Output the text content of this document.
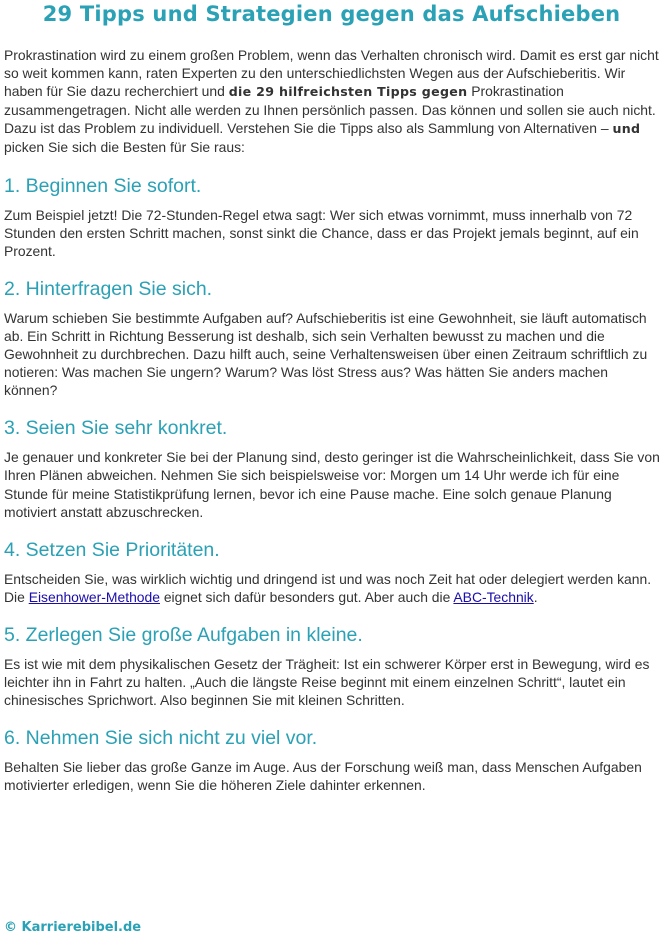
29 Tipps und Strategien gegen das Aufschieben

Prokrastination wird zu einem großen Problem, wenn das Verhalten chronisch wird. Damit es erst gar nicht so weit kommen kann, raten Experten zu den unterschiedlichsten Wegen aus der Aufschieberitis. Wir haben für Sie dazu recherchiert und die 29 hilfreichsten Tipps gegen Prokrastination zusammengetragen. Nicht alle werden zu Ihnen persönlich passen. Das können und sollen sie auch nicht. Dazu ist das Problem zu individuell. Verstehen Sie die Tipps also als Sammlung von Alternativen – und picken Sie sich die Besten für Sie raus:

1. Beginnen Sie sofort.

Zum Beispiel jetzt! Die 72-Stunden-Regel etwa sagt: Wer sich etwas vornimmt, muss innerhalb von 72 Stunden den ersten Schritt machen, sonst sinkt die Chance, dass er das Projekt jemals beginnt, auf ein Prozent.

2. Hinterfragen Sie sich.

Warum schieben Sie bestimmte Aufgaben auf? Aufschieberitis ist eine Gewohnheit, sie läuft automatisch ab. Ein Schritt in Richtung Besserung ist deshalb, sich sein Verhalten bewusst zu machen und die Gewohnheit zu durchbrechen. Dazu hilft auch, seine Verhaltensweisen über einen Zeitraum schriftlich zu notieren: Was machen Sie ungern? Warum? Was löst Stress aus? Was hätten Sie anders machen können?

3. Seien Sie sehr konkret.

Je genauer und konkreter Sie bei der Planung sind, desto geringer ist die Wahrscheinlichkeit, dass Sie von Ihren Plänen abweichen. Nehmen Sie sich beispielsweise vor: Morgen um 14 Uhr werde ich für eine Stunde für meine Statistikprüfung lernen, bevor ich eine Pause mache. Eine solch genaue Planung motiviert anstatt abzuschrecken.

4. Setzen Sie Prioritäten.

Entscheiden Sie, was wirklich wichtig und dringend ist und was noch Zeit hat oder delegiert werden kann. Die Eisenhower-Methode eignet sich dafür besonders gut. Aber auch die ABC-Technik.

5. Zerlegen Sie große Aufgaben in kleine.

Es ist wie mit dem physikalischen Gesetz der Trägheit: Ist ein schwerer Körper erst in Bewegung, wird es leichter ihn in Fahrt zu halten. „Auch die längste Reise beginnt mit einem einzelnen Schritt“, lautet ein chinesisches Sprichwort. Also beginnen Sie mit kleinen Schritten.

6. Nehmen Sie sich nicht zu viel vor.

Behalten Sie lieber das große Ganze im Auge. Aus der Forschung weiß man, dass Menschen Aufgaben motivierter erledigen, wenn Sie die höheren Ziele dahinter erkennen.

© Karrierebibel.de
